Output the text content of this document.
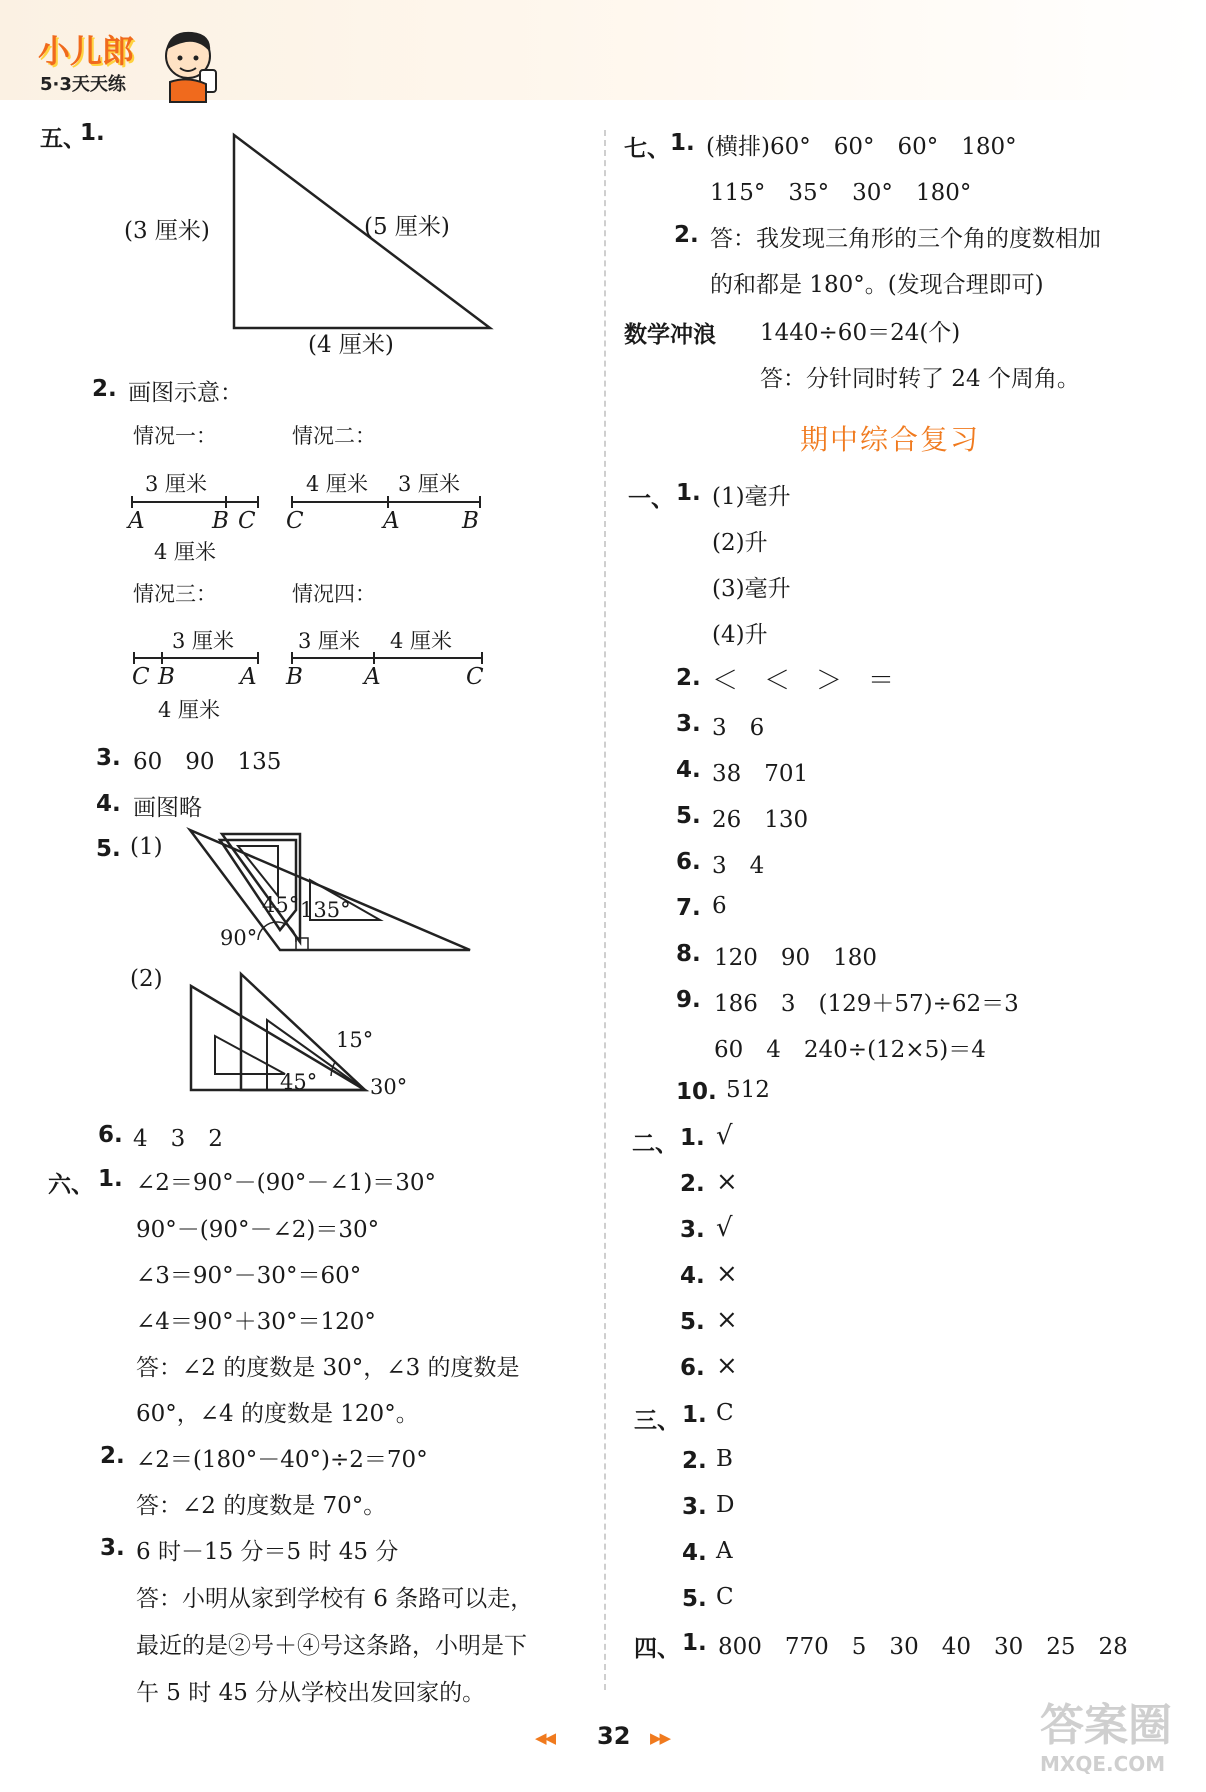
小儿郎
5·3天天练
五、
1.
(3 厘米)	(5 厘米)
(4 厘米)
2. 画图示意：
情况一：	情况二：
3 厘米
A	B C
4 厘米
4 厘米 3 厘米
C	A	B
情况三：	情况四：
3 厘米
C B	A
4 厘米
3 厘米 4 厘米
B	A	C
3. 60　90　135
4. 画图略
5. (1)
45° 135°
90°
(2)
15°
45°	30°
6. 4　3　2
六、 1. ∠2＝90°－(90°－∠1)＝30°
90°－(90°－∠2)＝30°
∠3＝90°－30°＝60°
∠4＝90°＋30°＝120°
答：∠2 的度数是 30°，∠3 的度数是
60°，∠4 的度数是 120°。
2. ∠2＝(180°－40°)÷2＝70°
答：∠2 的度数是 70°。
3. 6 时－15 分＝5 时 45 分
答：小明从家到学校有 6 条路可以走，
最近的是②号＋④号这条路，小明是下
午 5 时 45 分从学校出发回家的。
七、 1. (横排)60°　60°　60°　180°
115°　35°　30°　180°
2. 答：我发现三角形的三个角的度数相加
的和都是 180°。(发现合理即可)
数学冲浪 1440÷60＝24(个)
答：分针同时转了 24 个周角。
期中综合复习
一、 1. (1)毫升
(2)升
(3)毫升
(4)升
2. ＜　＜　＞　＝
3. 3　6
4. 38　701
5. 26　130
6. 3　4
7. 6
8. 120　90　180
9. 186　3　(129＋57)÷62＝3
60　4　240÷(12×5)＝4
10. 512
二、 1. √
2. ×
3. √
4. ×
5. ×
6. ×
三、 1. C
2. B
3. D
4. A
5. C
四、 1. 800　770　5　30　40　30　25　28
◀◀ 32 ▶▶	答案圈
MXQE.COM
